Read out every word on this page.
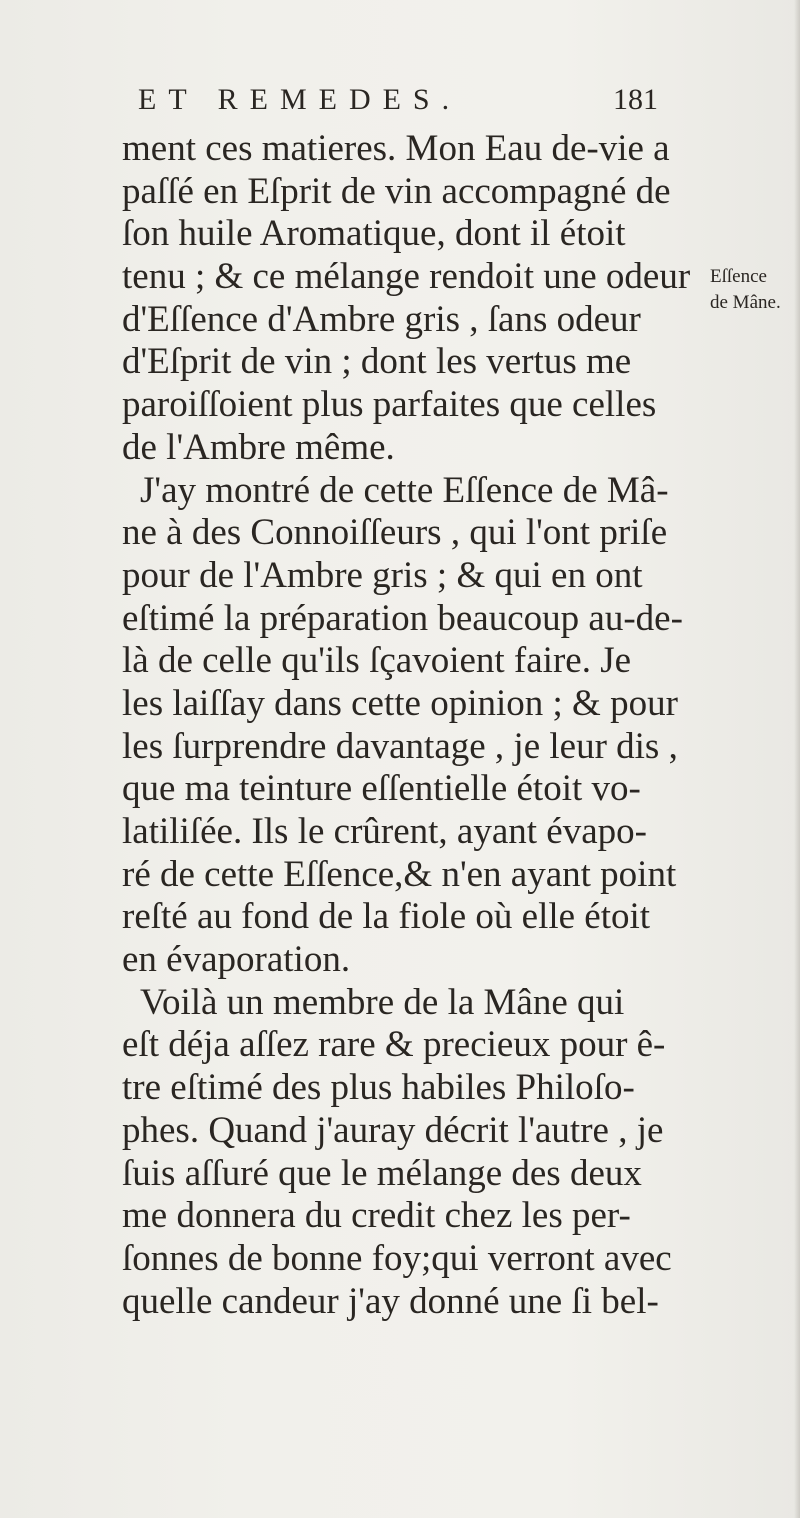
ET REMEDES.	181
ment ces matieres. Mon Eau de-vie a
paſſé en Eſprit de vin accompagné de
ſon huile Aromatique, dont il étoit
tenu ; & ce mélange rendoit une odeur
d'Eſſence d'Ambre gris , ſans odeur
d'Eſprit de vin ; dont les vertus me
paroiſſoient plus parfaites que celles
de l'Ambre même.
J'ay montré de cette Eſſence de Mâ-
ne à des Connoiſſeurs , qui l'ont priſe
pour de l'Ambre gris ; & qui en ont
eſtimé la préparation beaucoup au-de-
là de celle qu'ils ſçavoient faire. Je
les laiſſay dans cette opinion ; & pour
les ſurprendre davantage , je leur dis ,
que ma teinture eſſentielle étoit vo-
latiliſée. Ils le crûrent, ayant évapo-
ré de cette Eſſence,& n'en ayant point
reſté au fond de la fiole où elle étoit
en évaporation.
Voilà un membre de la Mâne qui
eſt déja aſſez rare & precieux pour ê-
tre eſtimé des plus habiles Philoſo-
phes. Quand j'auray décrit l'autre , je
ſuis aſſuré que le mélange des deux
me donnera du credit chez les per-
ſonnes de bonne foy;qui verront avec
quelle candeur j'ay donné une ſi bel-
Eſſence
de Mâne.
